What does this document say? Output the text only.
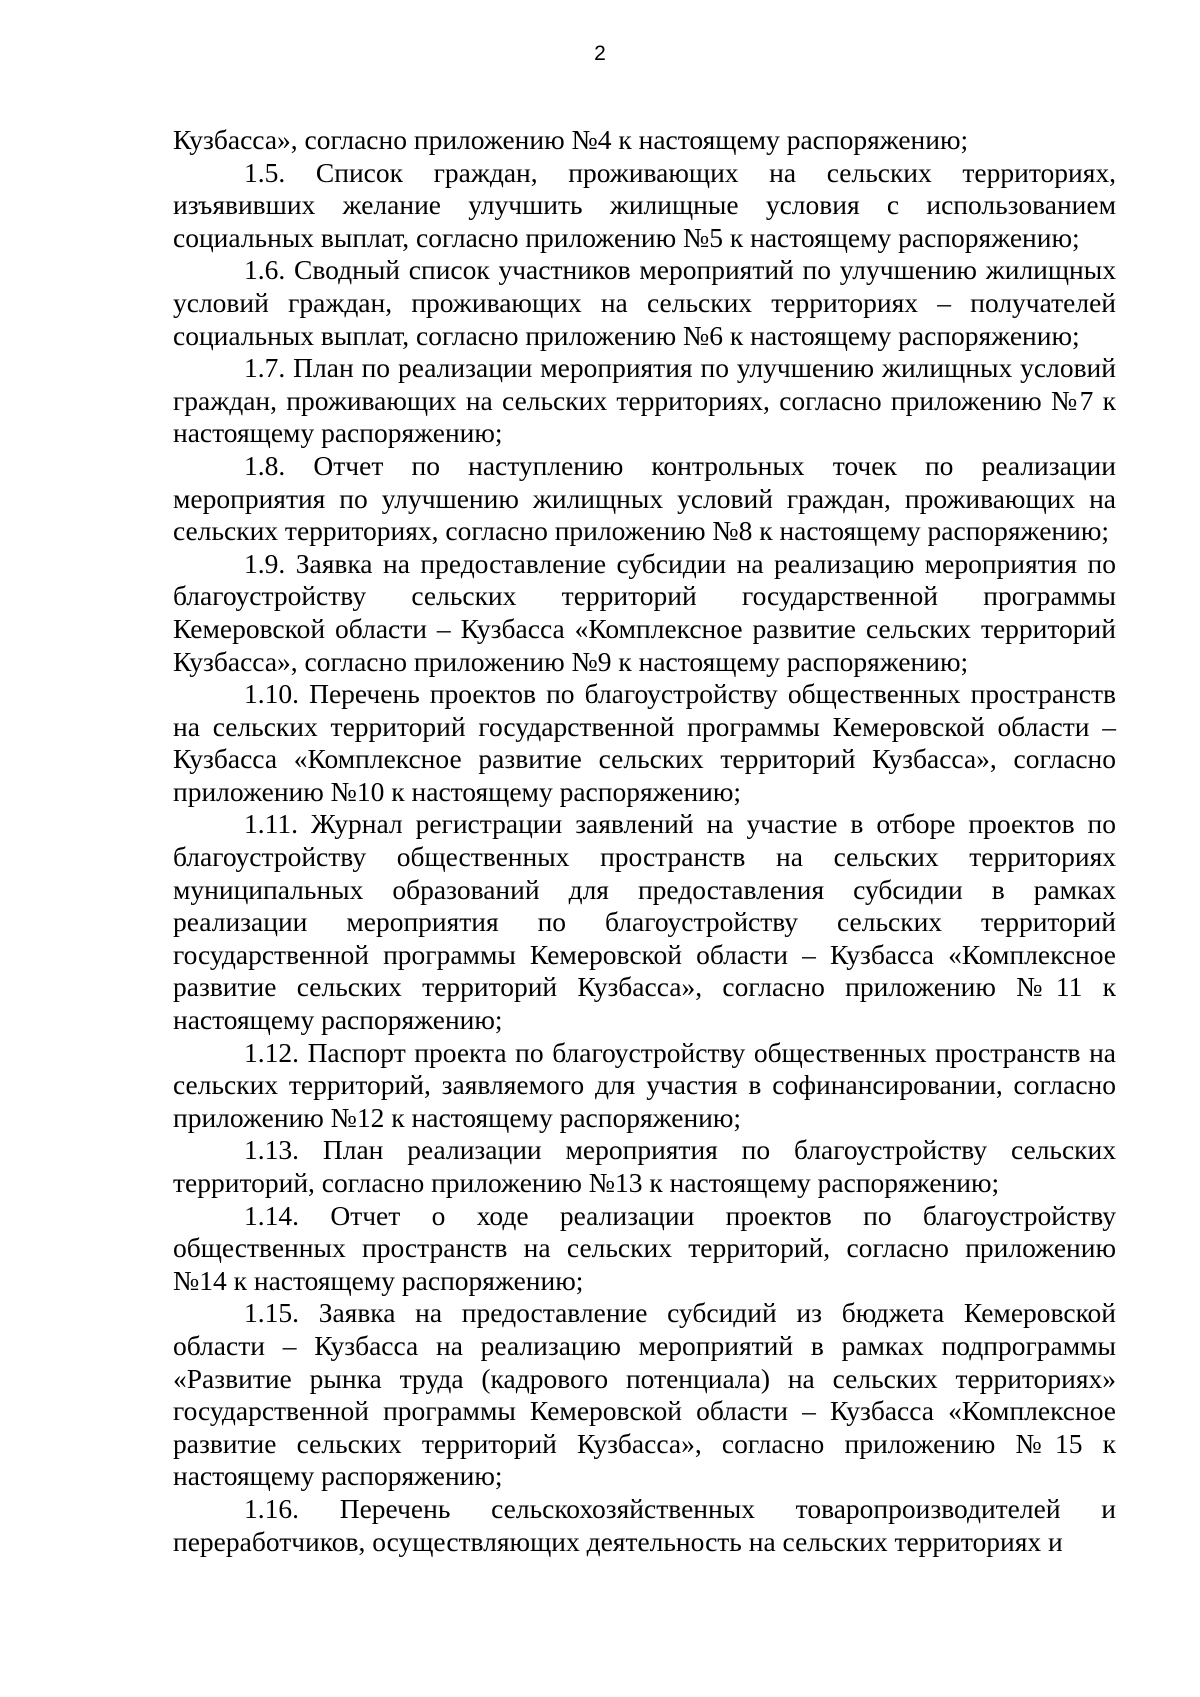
2

Кузбасса», согласно приложению №4 к настоящему распоряжению;

1.5. Список граждан, проживающих на сельских территориях, изъявивших желание улучшить жилищные условия с использованием социальных выплат, согласно приложению №5 к настоящему распоряжению;

1.6. Сводный список участников мероприятий по улучшению жилищных условий граждан, проживающих на сельских территориях – получателей социальных выплат, согласно приложению №6 к настоящему распоряжению;

1.7. План по реализации мероприятия по улучшению жилищных условий граждан, проживающих на сельских территориях, согласно приложению №7 к настоящему распоряжению;

1.8. Отчет по наступлению контрольных точек по реализации мероприятия по улучшению жилищных условий граждан, проживающих на сельских территориях, согласно приложению №8 к настоящему распоряжению;

1.9. Заявка на предоставление субсидии на реализацию мероприятия по благоустройству сельских территорий государственной программы Кемеровской области – Кузбасса «Комплексное развитие сельских территорий Кузбасса», согласно приложению №9 к настоящему распоряжению;

1.10. Перечень проектов по благоустройству общественных пространств на сельских территорий государственной программы Кемеровской области – Кузбасса «Комплексное развитие сельских территорий Кузбасса», согласно приложению №10 к настоящему распоряжению;

1.11. Журнал регистрации заявлений на участие в отборе проектов по благоустройству общественных пространств на сельских территориях муниципальных образований для предоставления субсидии в рамках реализации мероприятия по благоустройству сельских территорий государственной программы Кемеровской области – Кузбасса «Комплексное развитие сельских территорий Кузбасса», согласно приложению №11 к настоящему распоряжению;

1.12. Паспорт проекта по благоустройству общественных пространств на сельских территорий, заявляемого для участия в софинансировании, согласно приложению №12 к настоящему распоряжению;

1.13. План реализации мероприятия по благоустройству сельских территорий, согласно приложению №13 к настоящему распоряжению;

1.14. Отчет о ходе реализации проектов по благоустройству общественных пространств на сельских территорий, согласно приложению №14 к настоящему распоряжению;

1.15. Заявка на предоставление субсидий из бюджета Кемеровской области – Кузбасса на реализацию мероприятий в рамках подпрограммы «Развитие рынка труда (кадрового потенциала) на сельских территориях» государственной программы Кемеровской области – Кузбасса «Комплексное развитие сельских территорий Кузбасса», согласно приложению №15 к настоящему распоряжению;

1.16. Перечень сельскохозяйственных товаропроизводителей и переработчиков, осуществляющих деятельность на сельских территориях и
